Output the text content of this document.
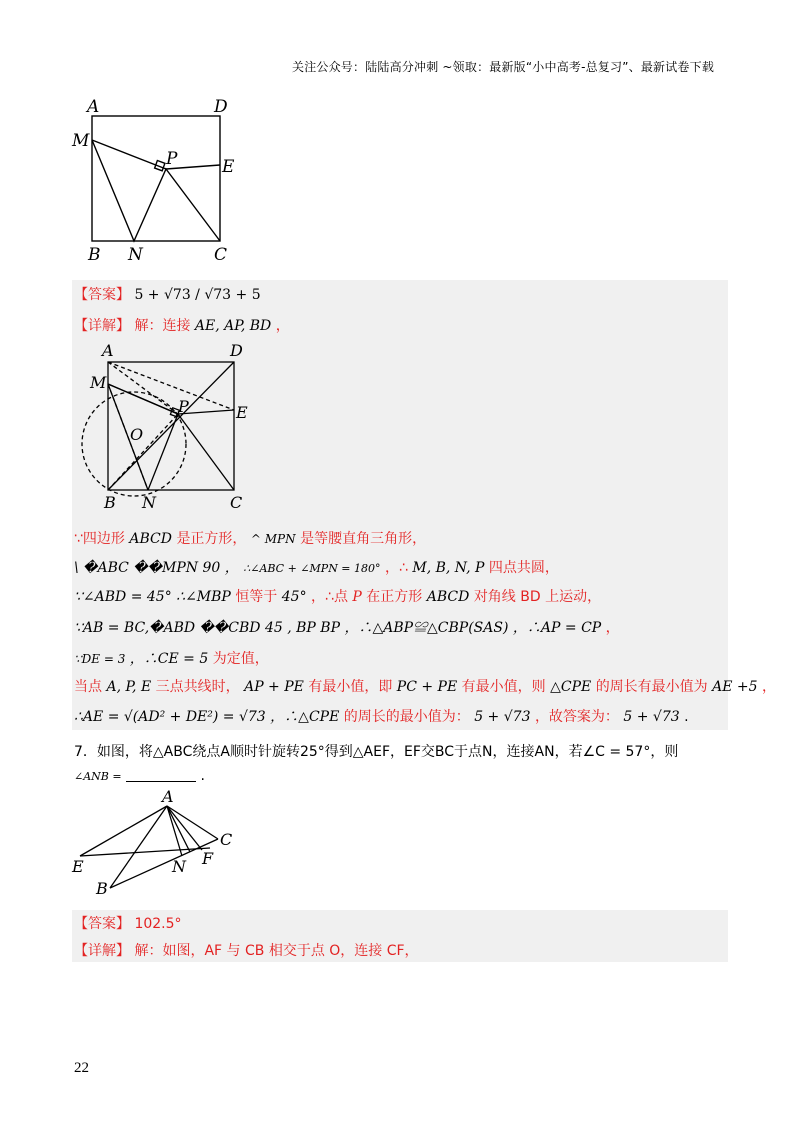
关注公众号：陆陆高分冲刺 ~领取：最新版“小中高考-总复习”、最新试卷下载
A	D
M
P	E
B N	C
【答案】 5 + √73 / √73 + 5
【详解】 解：连接 AE, AP, BD ，
A	D
M
P	E
O
B N	C
∵四边形 ABCD 是正方形， ^ MPN 是等腰直角三角形，
\ �ABC ��MPN 90 ， ∴∠ABC + ∠MPN = 180° ，∴ M, B, N, P 四点共圆，
∵∠ABD = 45° ∴∠MBP 恒等于 45° ，∴点 P 在正方形 ABCD 对角线 BD 上运动，
∵AB = BC,�ABD ��CBD 45 , BP BP ，∴△ABP≌△CBP(SAS) ，∴AP = CP ，
∵DE = 3 ，∴CE = 5 为定值，
当点 A, P, E 三点共线时， AP + PE 有最小值，即 PC + PE 有最小值，则 △CPE 的周长有最小值为 AE +5 ，
∴AE = √(AD² + DE²) = √73 ，∴△CPE 的周长的最小值为： 5 + √73 ，故答案为： 5 + √73 .
7．如图，将△ABC绕点A顺时针旋转25°得到△AEF，EF交BC于点N，连接AN，若∠C = 57°，则
∠ANB =	.
A
C
E	N F
B
【答案】 102.5°
【详解】 解：如图，AF 与 CB 相交于点 O，连接 CF，
22
